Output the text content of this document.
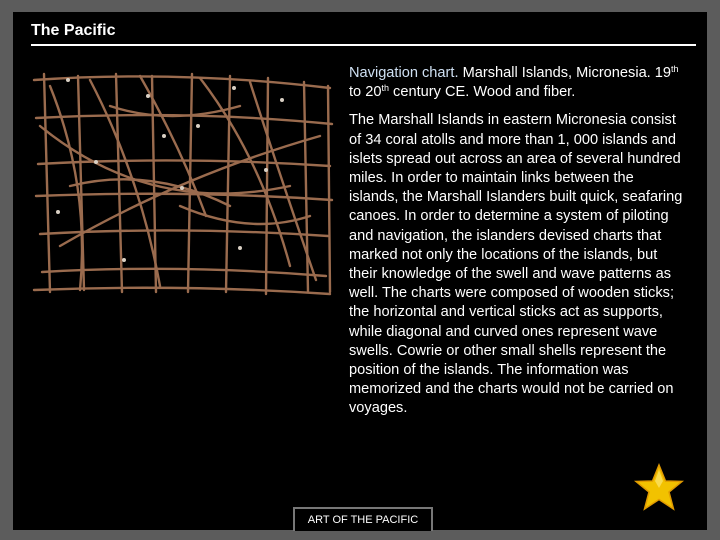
The Pacific

Navigation chart. Marshall Islands, Micronesia. 19th to 20th century CE. Wood and fiber.

The Marshall Islands in eastern Micronesia consist of 34 coral atolls and more than 1, 000 islands and islets spread out across an area of several hundred miles. In order to maintain links between the islands, the Marshall Islanders built quick, seafaring canoes. In order to determine a system of piloting and navigation, the islanders devised charts that marked not only the locations of the islands, but their knowledge of the swell and wave patterns as well. The charts were composed of wooden sticks; the horizontal and vertical sticks act as supports, while diagonal and curved ones represent wave swells. Cowrie or other small shells represent the position of the islands. The information was memorized and the charts would not be carried on voyages.

ART OF THE PACIFIC
